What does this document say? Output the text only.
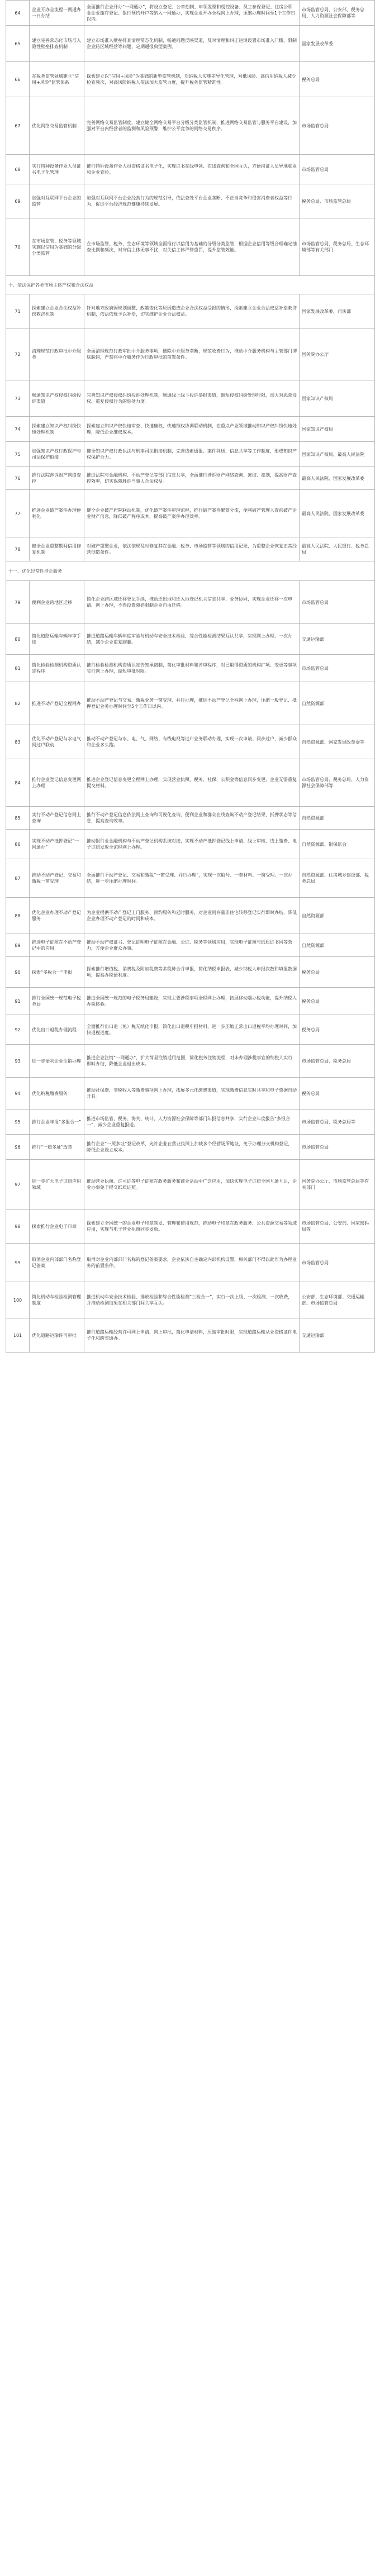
64	企业开办全流程一网通办一日办结	全面推行企业开办“一网通办”，将设立登记、公章刻制、申领发票和税控设备、员工参保登记、住房公积金企业缴存登记、银行预约开户等纳入一网通办，实现企业开办全程网上办理，压缩办理时间至1个工作日以内。	市场监管总局、公安部、税务总局、人力资源社会保障部等
65	建立完善常态化市场准入隐性壁垒排查机制	建立市场准入壁垒排查清理常态化机制，畅通问题反映渠道，及时清理和纠正违规设置市场准入门槛、限制企业跨区域经营等问题，定期通报典型案例。	国家发展改革委
66	在税务监管领域建立“信用+风险”监管体系	探索建立以“信用+风险”为基础的新型监管机制，对纳税人实施差异化管理，对低风险、高信用纳税人减少检查频次，对高风险纳税人依法加大监管力度，提升税务监管精准性。	税务总局
67	优化网络交易监管机制	完善网络交易监管制度，建立健全网络交易平台分级分类监管机制，推进网络交易监管与服务平台建设，加强对平台内经营者的监测和风险预警，维护公平竞争的网络交易秩序。	市场监管总局
68	实行特种设备作业人员证书电子化管理	推行特种设备作业人员资格证书电子化，实现证书在线申领、在线查询和全国互认，方便持证人员异地就业和企业查验。	市场监管总局
69	加强对互联网平台企业的监管	加强对互联网平台企业经营行为的规范引导，依法查处平台企业垄断、不正当竞争和侵害消费者权益等行为，促进平台经济规范健康持续发展。	税务总局、市场监管总局
70	在市场监管、税务等领域实施以信用为基础的分级分类监管	在市场监管、税务、生态环境等领域全面推行以信用为基础的分级分类监管，根据企业信用等级合理确定抽查比例和频次，对守信主体无事不扰，对失信主体严管重罚，提升监管效能。	市场监管总局、税务总局、生态环境部等有关部门
十、依法保护各类市场主体产权和合法权益			
71	探索建立企业合法权益补偿救济机制	针对地方政府因规划调整、政策变化等原因造成企业合法权益受损的情形，探索建立企业合法权益补偿救济机制，依法依规予以补偿，切实维护企业合法权益。	国家发展改革委、司法部
72	清理规范行政审批中介服务	全面清理规范行政审批中介服务事项，破除中介服务垄断，规范收费行为，推动中介服务机构与主管部门彻底脱钩，严禁将中介服务作为行政审批的前置条件。	国务院办公厅
73	畅通知识产权侵权纠纷投诉渠道	完善知识产权侵权纠纷投诉处理机制，畅通线上线下投诉举报渠道，缩短侵权纠纷处理时限，加大对恶意侵权、重复侵权行为的惩处力度。	国家知识产权局
74	探索建立知识产权纠纷快速处理机制	探索建立知识产权快速审查、快速确权、快速维权协调联动机制，在重点产业领域推动知识产权纠纷快速处理，降低企业维权成本。	国家知识产权局
75	加强知识产权行政保护与司法保护衔接	健全知识产权行政执法与刑事司法衔接机制，完善线索通报、案件移送、信息共享等工作制度，形成知识产权保护合力。	国家知识产权局、最高人民法院
76	推行法院涉诉财产网络查控	推进法院与金融机构、不动产登记等部门信息共享，全面推行涉诉财产网络查询、冻结、扣划，提高财产查控效率，切实保障胜诉当事人合法权益。	最高人民法院、国家发展改革委
77	推进企业破产案件办理便利化	健全企业破产府院联动机制，优化破产案件审理流程，推行破产案件繁简分流，便利破产管理人查询破产企业财产信息，降低破产程序成本，提高破产案件办理效率。	最高人民法院、国家发展改革委
78	健全企业重整期间信用修复机制	对破产重整企业，依法依规及时修复其在金融、税务、市场监管等领域的信用记录，为重整企业恢复正常经营创造条件。	最高人民法院、人民银行、税务总局
十一、优化经常性涉企服务			
79	便利企业跨地区迁移	简化企业跨区域迁移登记手续，推动迁出地和迁入地登记机关信息共享、业务协同，实现企业迁移一次申请、网上办理，不得设置障碍限制企业自由迁移。	市场监管总局
80	简化道路运输车辆年审手续	推进道路运输车辆年度审验与机动车安全技术检验、综合性能检测结果互认共享，实现网上办理、一次办结，减少企业重复跑腿。	交通运输部
81	简化检验检测机构资质认定程序	推行检验检测机构资质认定告知承诺制，简化审批材料和评审程序，对已取得资质的机构扩项、变更等事项实行网上办理，缩短审批时限。	市场监管总局
82	推进不动产登记全程网办	推动不动产登记与交易、缴税业务一窗受理、并行办理，推进不动产登记全程网上办理，压缩一般登记、抵押登记业务办理时间至5个工作日以内。	自然资源部
83	优化不动产登记与水电气网过户联动	推动不动产登记与水、电、气、网络、有线电视等过户业务联动办理，实现一次申请、同步过户，减少群众和企业多头跑。	自然资源部、国家发展改革委等
84	推行企业登记信息变更网上办理	推进企业登记信息变更全程网上办理，实现营业执照、税务、社保、公积金等信息同步变更，企业无需重复提交材料。	市场监管总局、税务总局、人力资源社会保障部等
85	实行不动产登记信息网上查询	推行不动产登记信息依法网上查询和可视化查询，便利企业和群众在线查询不动产登记结果、抵押状态等信息，提高查询效率。	自然资源部
86	实现不动产抵押登记“一网通办”	推动银行业金融机构与不动产登记机构系统对接，实现不动产抵押登记线上申请、线上审核、线上缴费、电子证照发放全流程网上办理。	自然资源部、银保监会
87	推动不动产登记、交易和缴税一窗受理	全面推行不动产登记、交易和缴税“一窗受理、并行办理”，实现一次取号、一套材料、一窗受理、一次办结，进一步压缩办理时间。	自然资源部、住房城乡建设部、税务总局
88	优化企业办理不动产登记服务	为企业提供不动产登记上门服务、预约服务和延时服务，对企业间存量非住宅转移登记实行即时办结，降低企业办理不动产登记的时间和成本。	自然资源部
89	推进电子证照在不动产登记中的应用	推动不动产权证书、登记证明电子证照在金融、公证、税务等领域应用，实现电子证照与纸质证书同等效力，方便企业群众办事。	自然资源部
90	探索“多税合一”申报	探索推行增值税、消费税及附加税费等多税种合并申报，简化纳税申报表，减少纳税人申报次数和填报数据项，提高办税便利度。	税务总局
91	推行全国统一规范电子税务局	推进全国统一规范的电子税务局建设，实现主要涉税事项全程网上办理，拓展移动端办税功能，提升纳税人办税体验。	税务总局
92	优化出口退税办理流程	全面推行出口退（免）税无纸化申报，简化出口退税申报材料，进一步压缩正常出口退税平均办理时间，加快退税进度。	税务总局
93	进一步便利企业注销办理	推进企业注销“一网通办”，扩大简易注销适用范围，简化税务注销流程，对未办理涉税事宜的纳税人实行即时办结，降低企业退出成本。	市场监管总局、税务总局
94	优化纳税缴费服务	推动社保费、非税收入等缴费事项网上办理，拓展多元化缴费渠道，实现缴费信息实时共享和电子票据自动开具。	税务总局
95	推行企业年报“多报合一”	推进市场监管、税务、海关、统计、人力资源社会保障等部门年报信息共享，实行企业年度报告“多报合一”，减少企业重复报送。	市场监管总局、税务总局等
96	推行“一照多址”改革	推行企业“一照多址”登记改革，允许企业在营业执照上加载多个经营场所地址，免于办理分支机构登记，降低企业设立成本。	市场监管总局
97	进一步扩大电子证照应用领域	推动营业执照、许可证等电子证照在政务服务和商业活动中广泛应用，加快实现电子证照全国互通互认，企业办事免于提交纸质证照。	国务院办公厅、市场监管总局等有关部门
98	探索推行企业电子印章	探索建立全国统一的企业电子印章制发、管理和使用规范，推动电子印章在政务服务、公共资源交易等领域应用，实现与电子营业执照同步发放。	市场监管总局、公安部、国家密码局等
99	取消企业内部部门名称登记备案	取消对企业内部部门名称的登记备案要求，企业依法自主确定内部机构设置，相关部门不得以此作为办理业务的前置条件。	市场监管总局
100	简化机动车检验检测管理制度	推进机动车安全技术检验、排放检验和综合性能检测“三检合一”，实行一次上线、一次检测、一次收费，并推动检测结果在相关部门间共享互认。	公安部、生态环境部、交通运输部、市场监管总局
101	优化道路运输许可审批	推行道路运输经营许可网上申请、网上审批，简化申请材料，压缩审批时限，实现道路运输从业资格证件电子化和跨省通办。	交通运输部
